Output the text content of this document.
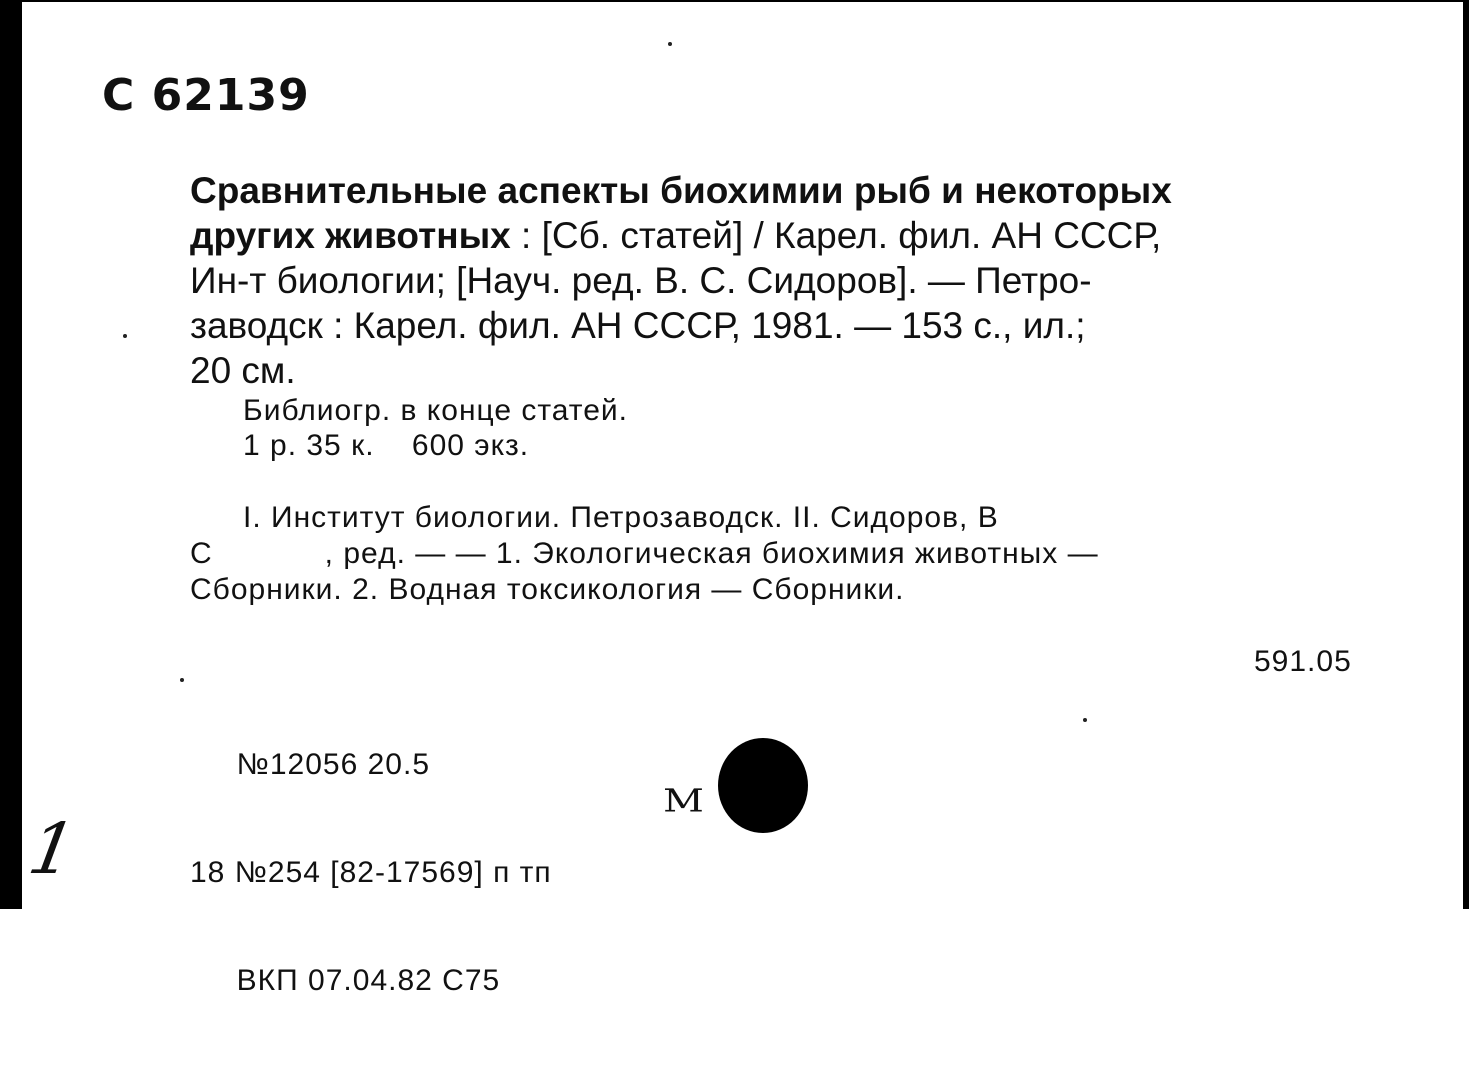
С 62139
Сравнительные аспекты биохимии рыб и некоторых
других животных : [Сб. статей] / Карел. фил. АН СССР,
Ин-т биологии; [Науч. ред. В. С. Сидоров]. — Петро-
заводск : Карел. фил. АН СССР, 1981. — 153 с., ил.;
20 см.
Библиогр. в конце статей.
1 р. 35 к.    600 экз.
I. Институт биологии. Петрозаводск. II. Сидоров, В
С            , ред. — — 1. Экологическая биохимия животных —
Сборники. 2. Водная токсикология — Сборники.
591.05

№12056 20.5

18 №254 [82-17569] п тп

ВКП 07.04.82 С75

М
1
